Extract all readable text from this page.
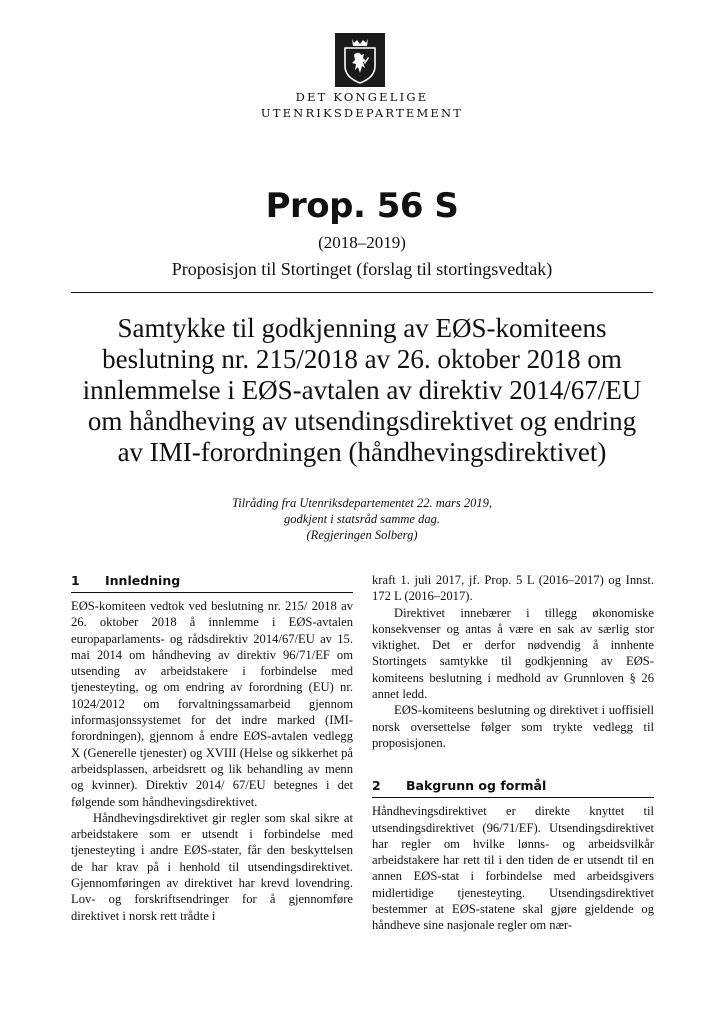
DET KONGELIGE
UTENRIKSDEPARTEMENT
Prop. 56 S
(2018–2019)
Proposisjon til Stortinget (forslag til stortingsvedtak)
Samtykke til godkjenning av EØS-komiteens
beslutning nr. 215/2018 av 26. oktober 2018 om
innlemmelse i EØS-avtalen av direktiv 2014/67/EU
om håndheving av utsendingsdirektivet og endring
av IMI-forordningen (håndhevingsdirektivet)
Tilråding fra Utenriksdepartementet 22. mars 2019,
godkjent i statsråd samme dag.
(Regjeringen Solberg)
1	Innledning

EØS-komiteen vedtok ved beslutning nr. 215/ 2018 av 26. oktober 2018 å innlemme i EØS-avtalen europaparlaments- og rådsdirektiv 2014/67/EU av 15. mai 2014 om håndheving av direktiv 96/71/EF om utsending av arbeidstakere i forbindelse med tjenesteyting, og om endring av forordning (EU) nr. 1024/2012 om forvaltningssamarbeid gjennom informasjonssystemet for det indre marked (IMI-forordningen), gjennom å endre EØS-avtalen vedlegg X (Generelle tjenester) og XVIII (Helse og sikkerhet på arbeidsplassen, arbeidsrett og lik behandling av menn og kvinner). Direktiv 2014/ 67/EU betegnes i det følgende som håndhevingsdirektivet.

Håndhevingsdirektivet gir regler som skal sikre at arbeidstakere som er utsendt i forbindelse med tjenesteyting i andre EØS-stater, får den beskyttelsen de har krav på i henhold til utsendingsdirektivet. Gjennomføringen av direktivet har krevd lovendring. Lov- og forskriftsendringer for å gjennomføre direktivet i norsk rett trådte i

kraft 1. juli 2017, jf. Prop. 5 L (2016–2017) og Innst. 172 L (2016–2017).

Direktivet innebærer i tillegg økonomiske konsekvenser og antas å være en sak av særlig stor viktighet. Det er derfor nødvendig å innhente Stortingets samtykke til godkjenning av EØS-komiteens beslutning i medhold av Grunnloven § 26 annet ledd.

EØS-komiteens beslutning og direktivet i uoffisiell norsk oversettelse følger som trykte vedlegg til proposisjonen.

2	Bakgrunn og formål

Håndhevingsdirektivet er direkte knyttet til utsendingsdirektivet (96/71/EF). Utsendingsdirektivet har regler om hvilke lønns- og arbeidsvilkår arbeidstakere har rett til i den tiden de er utsendt til en annen EØS-stat i forbindelse med arbeidsgivers midlertidige tjenesteyting. Utsendingsdirektivet bestemmer at EØS-statene skal gjøre gjeldende og håndheve sine nasjonale regler om nær-
